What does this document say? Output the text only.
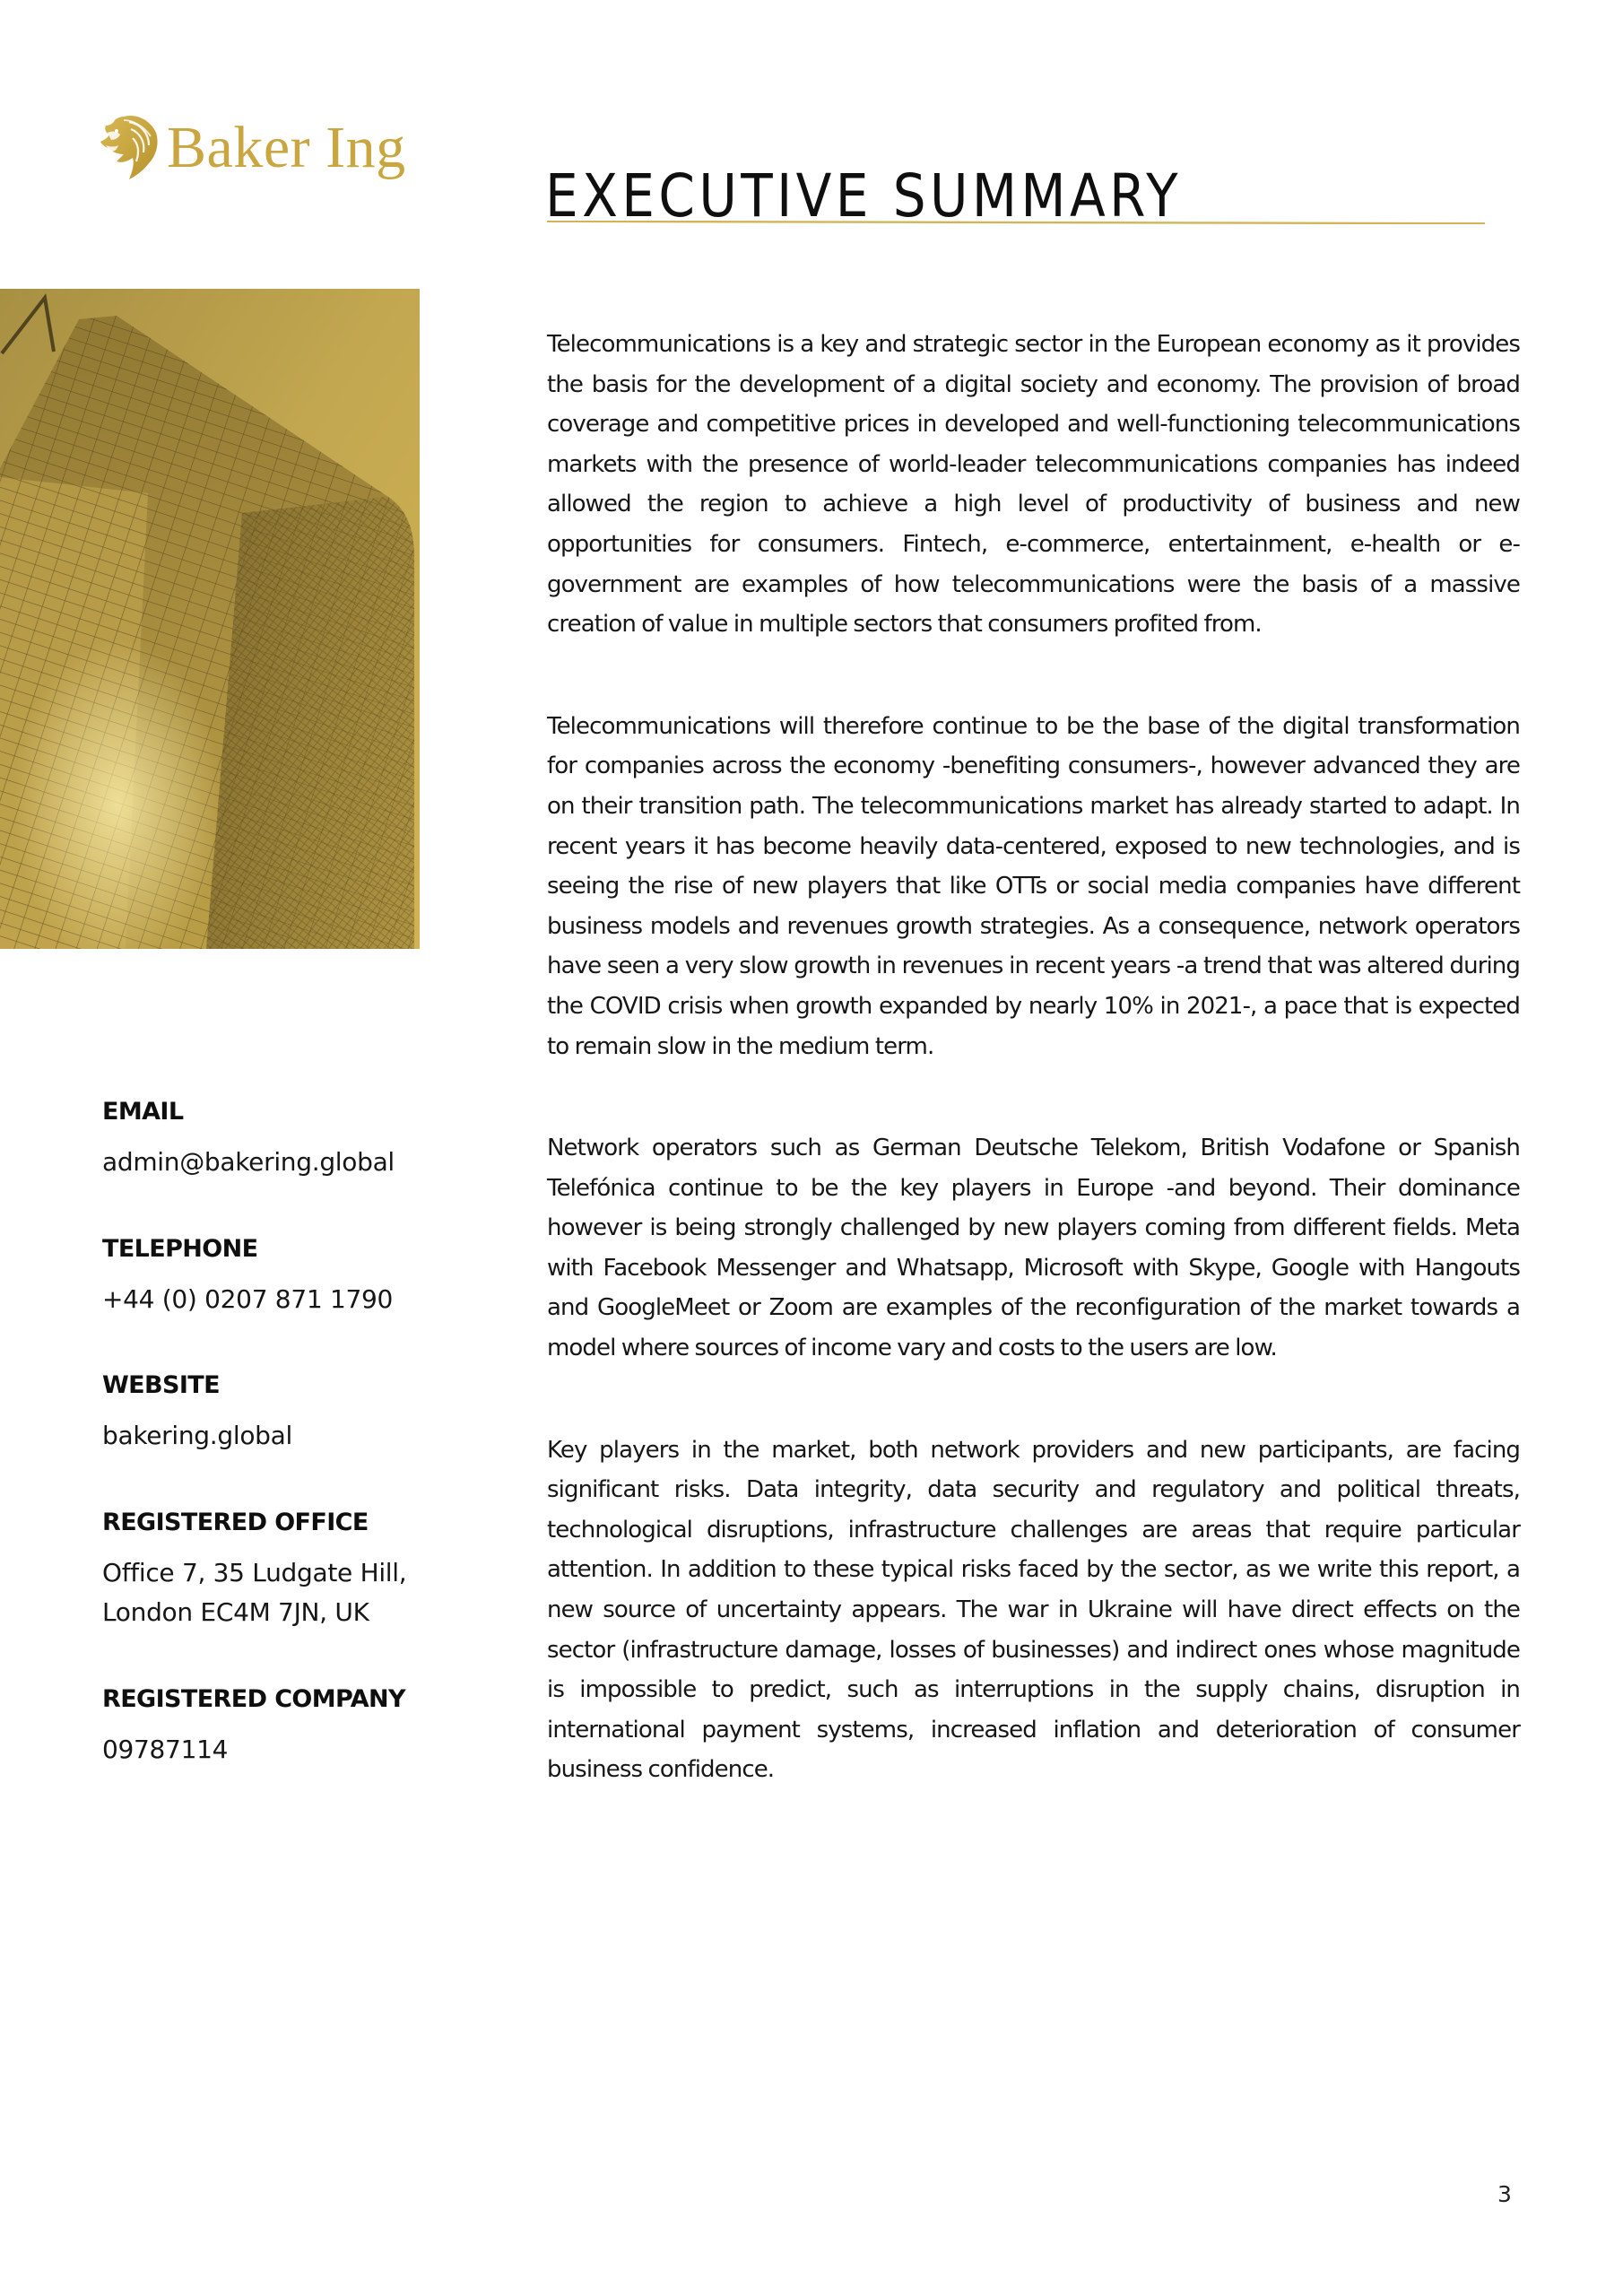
Baker Ing
EXECUTIVE SUMMARY

Telecommunications is a key and strategic sector in the European economy as it provides the basis for the development of a digital society and economy. The provision of broad coverage and competitive prices in developed and well-functioning telecommunications markets with the presence of world-leader telecommunications companies has indeed allowed the region to achieve a high level of productivity of business and new opportunities for consumers. Fintech, e-commerce, entertainment, e-health or e-government are examples of how telecommunications were the basis of a massive creation of value in multiple sectors that consumers profited from.

Telecommunications will therefore continue to be the base of the digital transformation for companies across the economy -benefiting consumers-, however advanced they are on their transition path. The telecommunications market has already started to adapt. In recent years it has become heavily data-centered, exposed to new technologies, and is seeing the rise of new players that like OTTs or social media companies have different business models and revenues growth strategies. As a consequence, network operators have seen a very slow growth in revenues in recent years -a trend that was altered during the COVID crisis when growth expanded by nearly 10% in 2021-, a pace that is expected to remain slow in the medium term.

Network operators such as German Deutsche Telekom, British Vodafone or Spanish Telefónica continue to be the key players in Europe -and beyond. Their dominance however is being strongly challenged by new players coming from different fields. Meta with Facebook Messenger and Whatsapp, Microsoft with Skype, Google with Hangouts and GoogleMeet or Zoom are examples of the reconfiguration of the market towards a model where sources of income vary and costs to the users are low.

Key players in the market, both network providers and new participants, are facing significant risks. Data integrity, data security and regulatory and political threats, technological disruptions, infrastructure challenges are areas that require particular attention. In addition to these typical risks faced by the sector, as we write this report, a new source of uncertainty appears. The war in Ukraine will have direct effects on the sector (infrastructure damage, losses of businesses) and indirect ones whose magnitude is impossible to predict, such as interruptions in the supply chains, disruption in international payment systems, increased inflation and deterioration of consumer business confidence.

EMAIL
admin@bakering.global
TELEPHONE
+44 (0) 0207 871 1790
WEBSITE
bakering.global
REGISTERED OFFICE
Office 7, 35 Ludgate Hill,
London EC4M 7JN, UK
REGISTERED COMPANY
09787114
3
